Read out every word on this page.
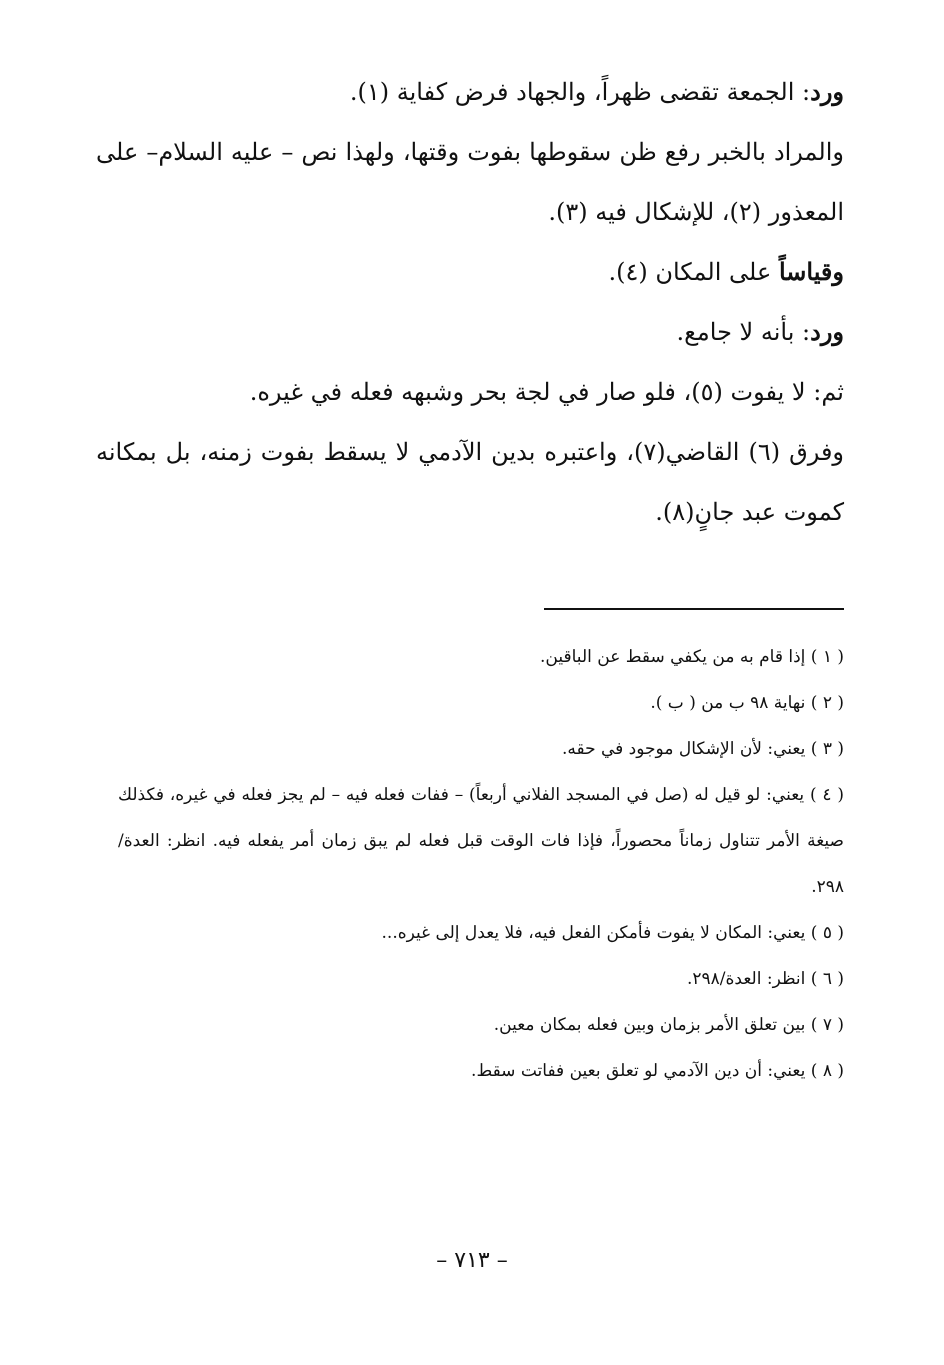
ورد: الجمعة تقضى ظهراً، والجهاد فرض كفاية (١).

والمراد بالخبر رفع ظن سقوطها بفوت وقتها، ولهذا نص – عليه السلام– على المعذور (٢)، للإشكال فيه (٣).

وقياساً على المكان (٤).

ورد: بأنه لا جامع.

ثم: لا يفوت (٥)، فلو صار في لجة بحر وشبهه فعله في غيره.

وفرق (٦) القاضي(٧)، واعتبره بدين الآدمي لا يسقط بفوت زمنه، بل بمكانه كموت عبد جانٍ(٨).

( ١ ) إذا قام به من يكفي سقط عن الباقين.

( ٢ ) نهاية ٩٨ ب من ( ب ).

( ٣ ) يعني: لأن الإشكال موجود في حقه.

( ٤ ) يعني: لو قيل له (صل في المسجد الفلاني أربعاً) – ففات فعله فيه – لم يجز فعله في غيره، فكذلك صيغة الأمر تتناول زماناً محصوراً، فإذا فات الوقت قبل فعله لم يبق زمان أمر يفعله فيه. انظر: العدة/٢٩٨.

( ٥ ) يعني: المكان لا يفوت فأمكن الفعل فيه، فلا يعدل إلى غيره...

( ٦ ) انظر: العدة/٢٩٨.

( ٧ ) بين تعلق الأمر بزمان وبين فعله بمكان معين.

( ٨ ) يعني: أن دين الآدمي لو تعلق بعين ففاتت سقط.

– ٧١٣ –
